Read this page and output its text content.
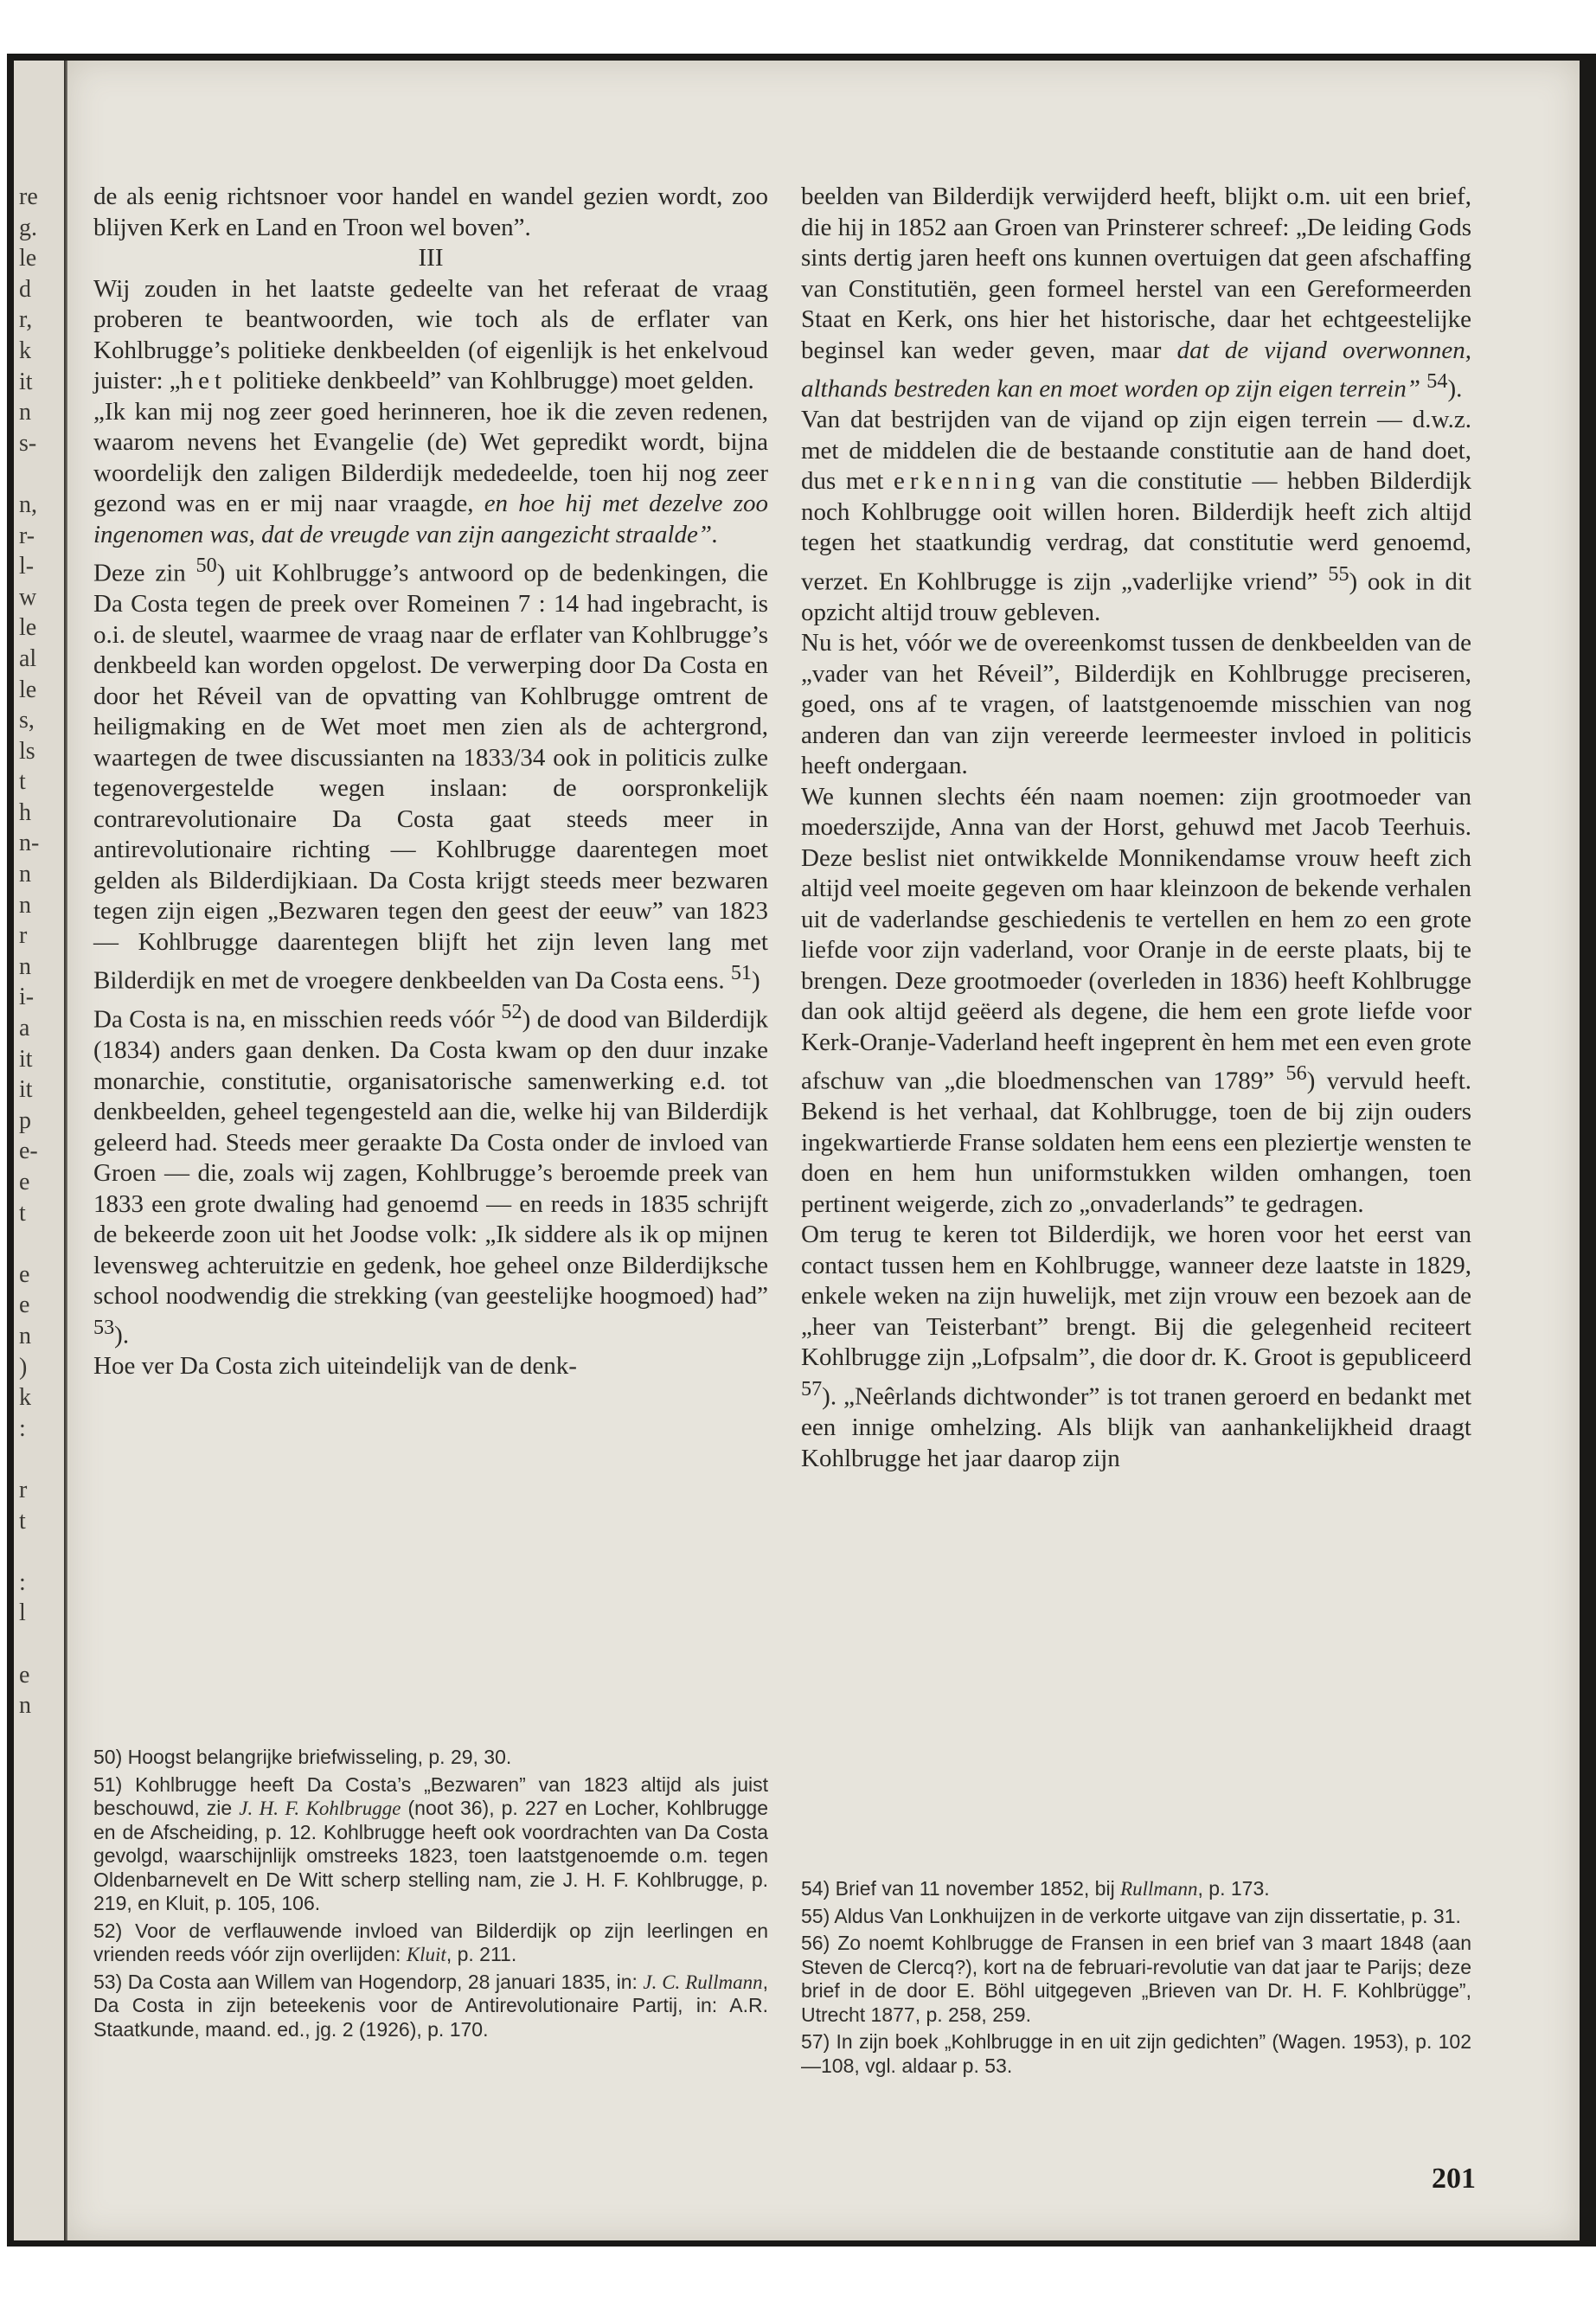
re
g.
le
d
r,
k
it
n
s-

n,
r-
l-
w
le
al
le
s,
ls
t
h
n-
n
n
r
n
i-
a
it
it
p
e-
e
t

e
e
n
)
k
:

r
t

:
l

e
n

de als eenig richtsnoer voor handel en wandel gezien wordt, zoo blijven Kerk en Land en Troon wel boven”.

III

Wij zouden in het laatste gedeelte van het referaat de vraag proberen te beantwoorden, wie toch als de erflater van Kohlbrugge’s politieke denkbeelden (of eigenlijk is het enkelvoud juister: „het politieke denkbeeld” van Kohlbrugge) moet gelden.

„Ik kan mij nog zeer goed herinneren, hoe ik die zeven redenen, waarom nevens het Evangelie (de) Wet gepredikt wordt, bijna woordelijk den zaligen Bilderdijk mededeelde, toen hij nog zeer gezond was en er mij naar vraagde, en hoe hij met dezelve zoo ingenomen was, dat de vreugde van zijn aangezicht straalde”.

Deze zin $^{50}$) uit Kohlbrugge’s antwoord op de bedenkingen, die Da Costa tegen de preek over Romeinen 7 : 14 had ingebracht, is o.i. de sleutel, waarmee de vraag naar de erflater van Kohlbrugge’s denkbeeld kan worden opgelost. De verwerping door Da Costa en door het Réveil van de opvatting van Kohlbrugge omtrent de heiligmaking en de Wet moet men zien als de achtergrond, waartegen de twee discussianten na 1833/34 ook in politicis zulke tegenovergestelde wegen inslaan: de oorspronkelijk contrarevolutionaire Da Costa gaat steeds meer in antirevolutionaire richting — Kohlbrugge daarentegen moet gelden als Bilderdijkiaan. Da Costa krijgt steeds meer bezwaren tegen zijn eigen „Bezwaren tegen den geest der eeuw” van 1823 — Kohlbrugge daarentegen blijft het zijn leven lang met Bilderdijk en met de vroegere denkbeelden van Da Costa eens. $^{51}$)

Da Costa is na, en misschien reeds vóór $^{52}$) de dood van Bilderdijk (1834) anders gaan denken. Da Costa kwam op den duur inzake monarchie, constitutie, organisatorische samenwerking e.d. tot denkbeelden, geheel tegengesteld aan die, welke hij van Bilderdijk geleerd had. Steeds meer geraakte Da Costa onder de invloed van Groen — die, zoals wij zagen, Kohlbrugge’s beroemde preek van 1833 een grote dwaling had genoemd — en reeds in 1835 schrijft de bekeerde zoon uit het Joodse volk: „Ik siddere als ik op mijnen levensweg achteruitzie en gedenk, hoe geheel onze Bilderdijksche school noodwendig die strekking (van geestelijke hoogmoed) had” $^{53}$).

Hoe ver Da Costa zich uiteindelijk van de denk-

beelden van Bilderdijk verwijderd heeft, blijkt o.m. uit een brief, die hij in 1852 aan Groen van Prinsterer schreef: „De leiding Gods sints dertig jaren heeft ons kunnen overtuigen dat geen afschaffing van Constitutiën, geen formeel herstel van een Gereformeerden Staat en Kerk, ons hier het historische, daar het echtgeestelijke beginsel kan weder geven, maar dat de vijand overwonnen, althands bestreden kan en moet worden op zijn eigen terrein” $^{54}$).

Van dat bestrijden van de vijand op zijn eigen terrein — d.w.z. met de middelen die de bestaande constitutie aan de hand doet, dus met erkenning van die constitutie — hebben Bilderdijk noch Kohlbrugge ooit willen horen. Bilderdijk heeft zich altijd tegen het staatkundig verdrag, dat constitutie werd genoemd, verzet. En Kohlbrugge is zijn „vaderlijke vriend” $^{55}$) ook in dit opzicht altijd trouw gebleven.

Nu is het, vóór we de overeenkomst tussen de denkbeelden van de „vader van het Réveil”, Bilderdijk en Kohlbrugge preciseren, goed, ons af te vragen, of laatstgenoemde misschien van nog anderen dan van zijn vereerde leermeester invloed in politicis heeft ondergaan.

We kunnen slechts één naam noemen: zijn grootmoeder van moederszijde, Anna van der Horst, gehuwd met Jacob Teerhuis. Deze beslist niet ontwikkelde Monnikendamse vrouw heeft zich altijd veel moeite gegeven om haar kleinzoon de bekende verhalen uit de vaderlandse geschiedenis te vertellen en hem zo een grote liefde voor zijn vaderland, voor Oranje in de eerste plaats, bij te brengen. Deze grootmoeder (overleden in 1836) heeft Kohlbrugge dan ook altijd geëerd als degene, die hem een grote liefde voor Kerk-Oranje-Vaderland heeft ingeprent èn hem met een even grote afschuw van „die bloedmenschen van 1789” $^{56}$) vervuld heeft. Bekend is het verhaal, dat Kohlbrugge, toen de bij zijn ouders ingekwartierde Franse soldaten hem eens een pleziertje wensten te doen en hem hun uniformstukken wilden omhangen, toen pertinent weigerde, zich zo „onvaderlands” te gedragen.

Om terug te keren tot Bilderdijk, we horen voor het eerst van contact tussen hem en Kohlbrugge, wanneer deze laatste in 1829, enkele weken na zijn huwelijk, met zijn vrouw een bezoek aan de „heer van Teisterbant” brengt. Bij die gelegenheid reciteert Kohlbrugge zijn „Lofpsalm”, die door dr. K. Groot is gepubliceerd $^{57}$). „Neêrlands dichtwonder” is tot tranen geroerd en bedankt met een innige omhelzing. Als blijk van aanhankelijkheid draagt Kohlbrugge het jaar daarop zijn

50) Hoogst belangrijke briefwisseling, p. 29, 30.

51) Kohlbrugge heeft Da Costa’s „Bezwaren” van 1823 altijd als juist beschouwd, zie J. H. F. Kohlbrugge (noot 36), p. 227 en Locher, Kohlbrugge en de Afscheiding, p. 12. Kohlbrugge heeft ook voordrachten van Da Costa gevolgd, waarschijnlijk omstreeks 1823, toen laatstgenoemde o.m. tegen Oldenbarnevelt en De Witt scherp stelling nam, zie J. H. F. Kohlbrugge, p. 219, en Kluit, p. 105, 106.

52) Voor de verflauwende invloed van Bilderdijk op zijn leerlingen en vrienden reeds vóór zijn overlijden: Kluit, p. 211.

53) Da Costa aan Willem van Hogendorp, 28 januari 1835, in: J. C. Rullmann, Da Costa in zijn beteekenis voor de Antirevolutionaire Partij, in: A.R. Staatkunde, maand. ed., jg. 2 (1926), p. 170.

54) Brief van 11 november 1852, bij Rullmann, p. 173.

55) Aldus Van Lonkhuijzen in de verkorte uitgave van zijn dissertatie, p. 31.

56) Zo noemt Kohlbrugge de Fransen in een brief van 3 maart 1848 (aan Steven de Clercq?), kort na de februari-revolutie van dat jaar te Parijs; deze brief in de door E. Böhl uitgegeven „Brieven van Dr. H. F. Kohlbrügge”, Utrecht 1877, p. 258, 259.

57) In zijn boek „Kohlbrugge in en uit zijn gedichten” (Wagen. 1953), p. 102—108, vgl. aldaar p. 53.

201
